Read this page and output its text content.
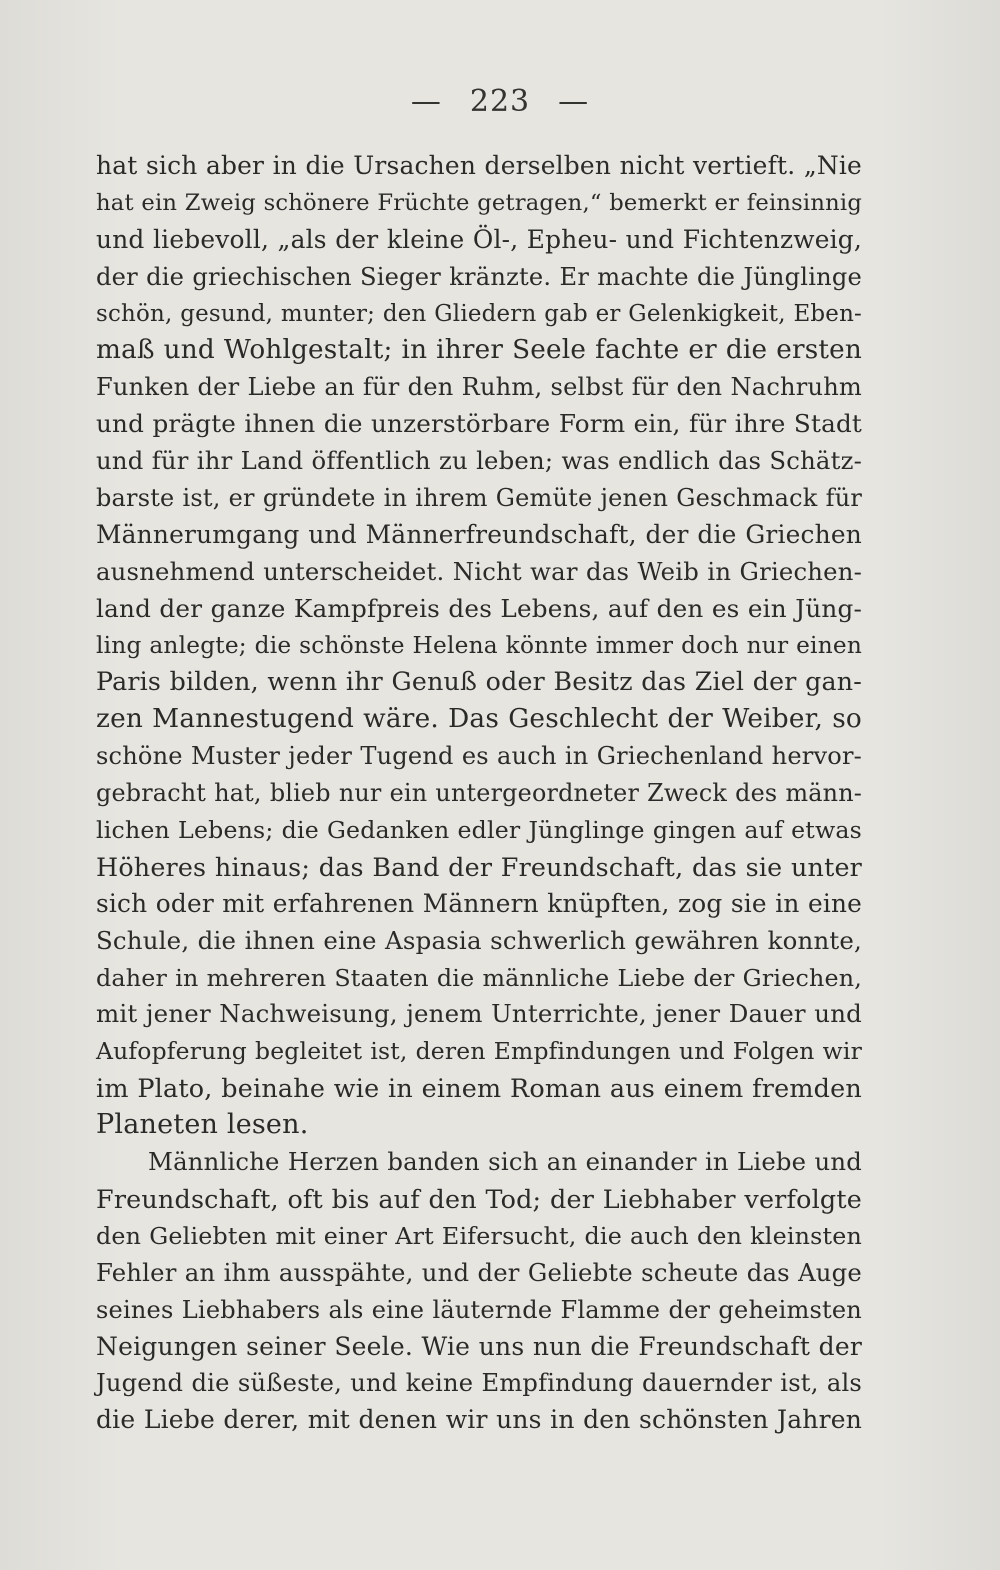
— 223 —
hat sich aber in die Ursachen derselben nicht vertieft. „Nie
hat ein Zweig schönere Früchte getragen,“ bemerkt er feinsinnig
und liebevoll, „als der kleine Öl-, Epheu- und Fichtenzweig,
der die griechischen Sieger kränzte. Er machte die Jünglinge
schön, gesund, munter; den Gliedern gab er Gelenkigkeit, Eben-
maß und Wohlgestalt; in ihrer Seele fachte er die ersten
Funken der Liebe an für den Ruhm, selbst für den Nachruhm
und prägte ihnen die unzerstörbare Form ein, für ihre Stadt
und für ihr Land öffentlich zu leben; was endlich das Schätz-
barste ist, er gründete in ihrem Gemüte jenen Geschmack für
Männerumgang und Männerfreundschaft, der die Griechen
ausnehmend unterscheidet. Nicht war das Weib in Griechen-
land der ganze Kampfpreis des Lebens, auf den es ein Jüng-
ling anlegte; die schönste Helena könnte immer doch nur einen
Paris bilden, wenn ihr Genuß oder Besitz das Ziel der gan-
zen Mannestugend wäre. Das Geschlecht der Weiber, so
schöne Muster jeder Tugend es auch in Griechenland hervor-
gebracht hat, blieb nur ein untergeordneter Zweck des männ-
lichen Lebens; die Gedanken edler Jünglinge gingen auf etwas
Höheres hinaus; das Band der Freundschaft, das sie unter
sich oder mit erfahrenen Männern knüpften, zog sie in eine
Schule, die ihnen eine Aspasia schwerlich gewähren konnte,
daher in mehreren Staaten die männliche Liebe der Griechen,
mit jener Nachweisung, jenem Unterrichte, jener Dauer und
Aufopferung begleitet ist, deren Empfindungen und Folgen wir
im Plato, beinahe wie in einem Roman aus einem fremden
Planeten lesen.
Männliche Herzen banden sich an einander in Liebe und
Freundschaft, oft bis auf den Tod; der Liebhaber verfolgte
den Geliebten mit einer Art Eifersucht, die auch den kleinsten
Fehler an ihm ausspähte, und der Geliebte scheute das Auge
seines Liebhabers als eine läuternde Flamme der geheimsten
Neigungen seiner Seele. Wie uns nun die Freundschaft der
Jugend die süßeste, und keine Empfindung dauernder ist, als
die Liebe derer, mit denen wir uns in den schönsten Jahren
